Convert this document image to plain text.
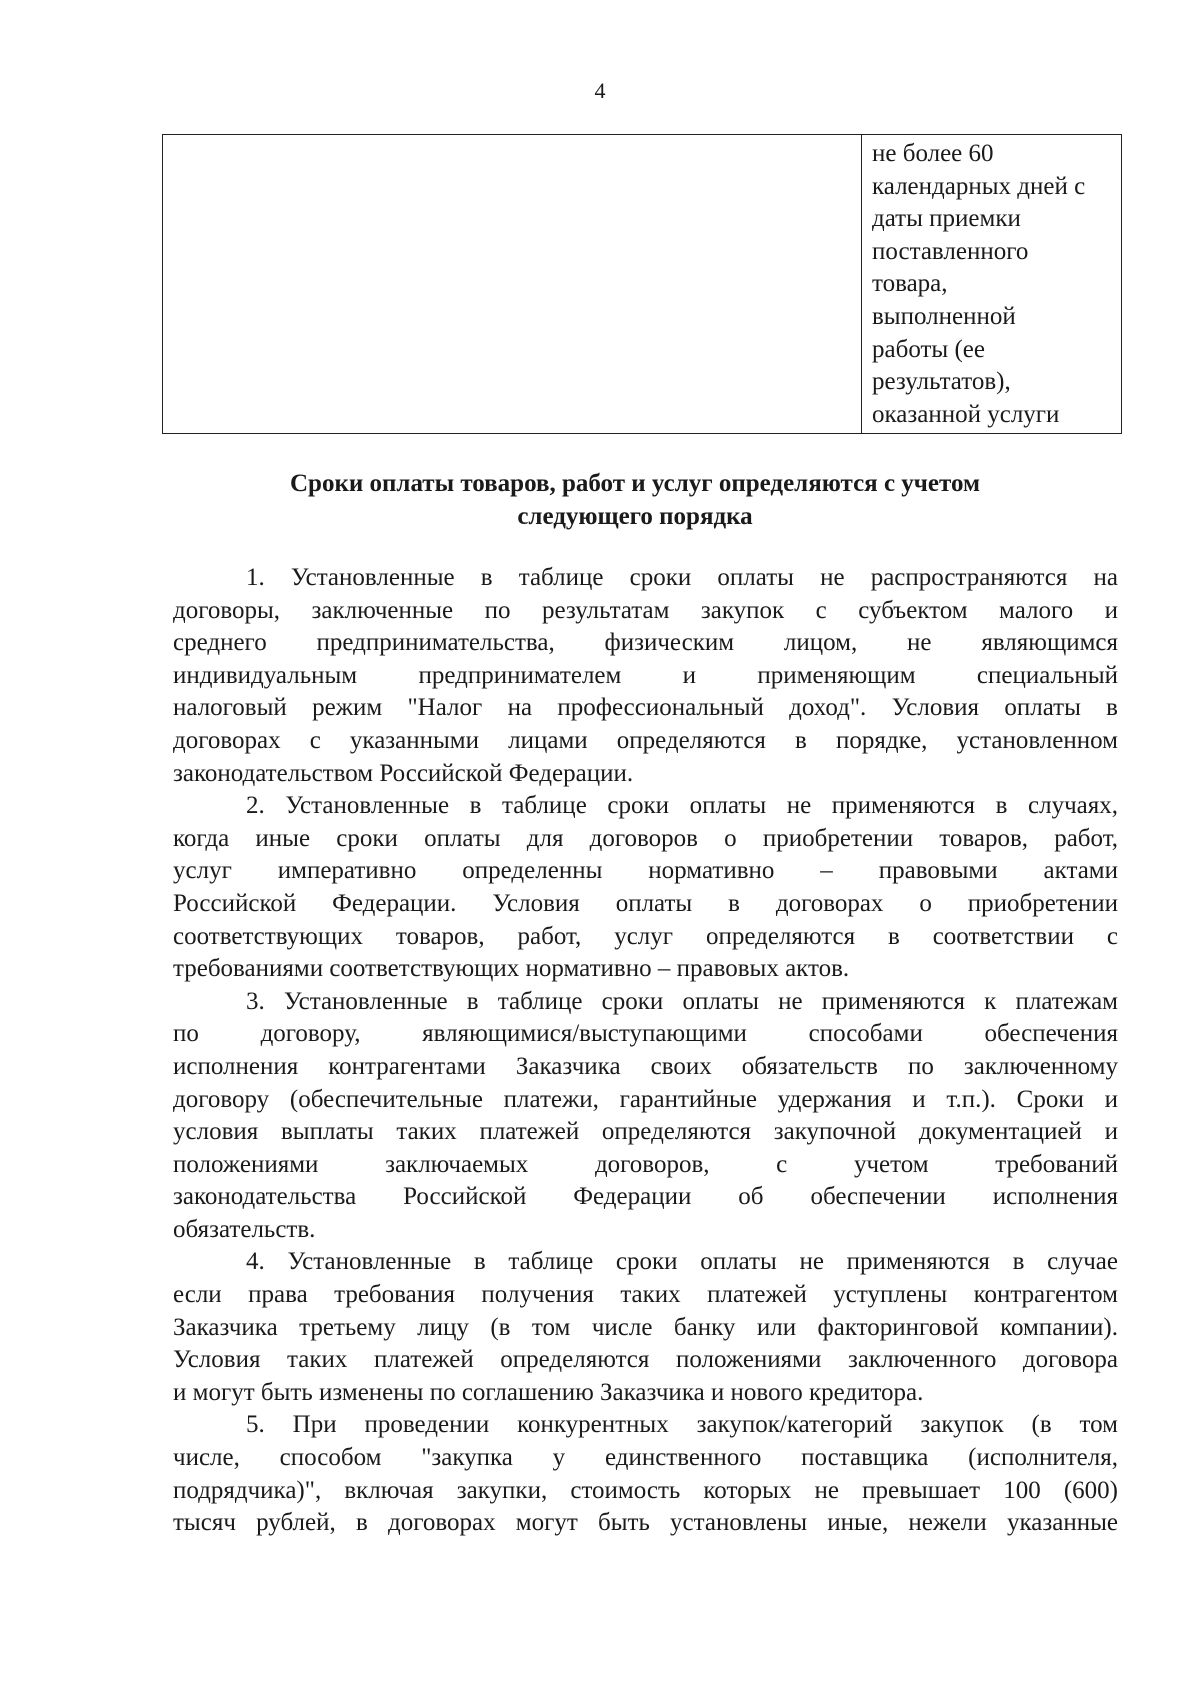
4
не более 60
календарных дней с
даты приемки
поставленного
товара,
выполненной
работы (ее
результатов),
оказанной услуги
Сроки оплаты товаров, работ и услуг определяются с учетом
следующего порядка
1. Установленные в таблице сроки оплаты не распространяются на
договоры, заключенные по результатам закупок с субъектом малого и
среднего предпринимательства, физическим лицом, не являющимся
индивидуальным предпринимателем и применяющим специальный
налоговый режим "Налог на профессиональный доход". Условия оплаты в
договорах с указанными лицами определяются в порядке, установленном
законодательством Российской Федерации.
2. Установленные в таблице сроки оплаты не применяются в случаях,
когда иные сроки оплаты для договоров о приобретении товаров, работ,
услуг императивно определенны нормативно – правовыми актами
Российской Федерации. Условия оплаты в договорах о приобретении
соответствующих товаров, работ, услуг определяются в соответствии с
требованиями соответствующих нормативно – правовых актов.
3. Установленные в таблице сроки оплаты не применяются к платежам
по договору, являющимися/выступающими способами обеспечения
исполнения контрагентами Заказчика своих обязательств по заключенному
договору (обеспечительные платежи, гарантийные удержания и т.п.). Сроки и
условия выплаты таких платежей определяются закупочной документацией и
положениями заключаемых договоров, с учетом требований
законодательства Российской Федерации об обеспечении исполнения
обязательств.
4. Установленные в таблице сроки оплаты не применяются в случае
если права требования получения таких платежей уступлены контрагентом
Заказчика третьему лицу (в том числе банку или факторинговой компании).
Условия таких платежей определяются положениями заключенного договора
и могут быть изменены по соглашению Заказчика и нового кредитора.
5. При проведении конкурентных закупок/категорий закупок (в том
числе, способом "закупка у единственного поставщика (исполнителя,
подрядчика)", включая закупки, стоимость которых не превышает 100 (600)
тысяч рублей, в договорах могут быть установлены иные, нежели указанные
